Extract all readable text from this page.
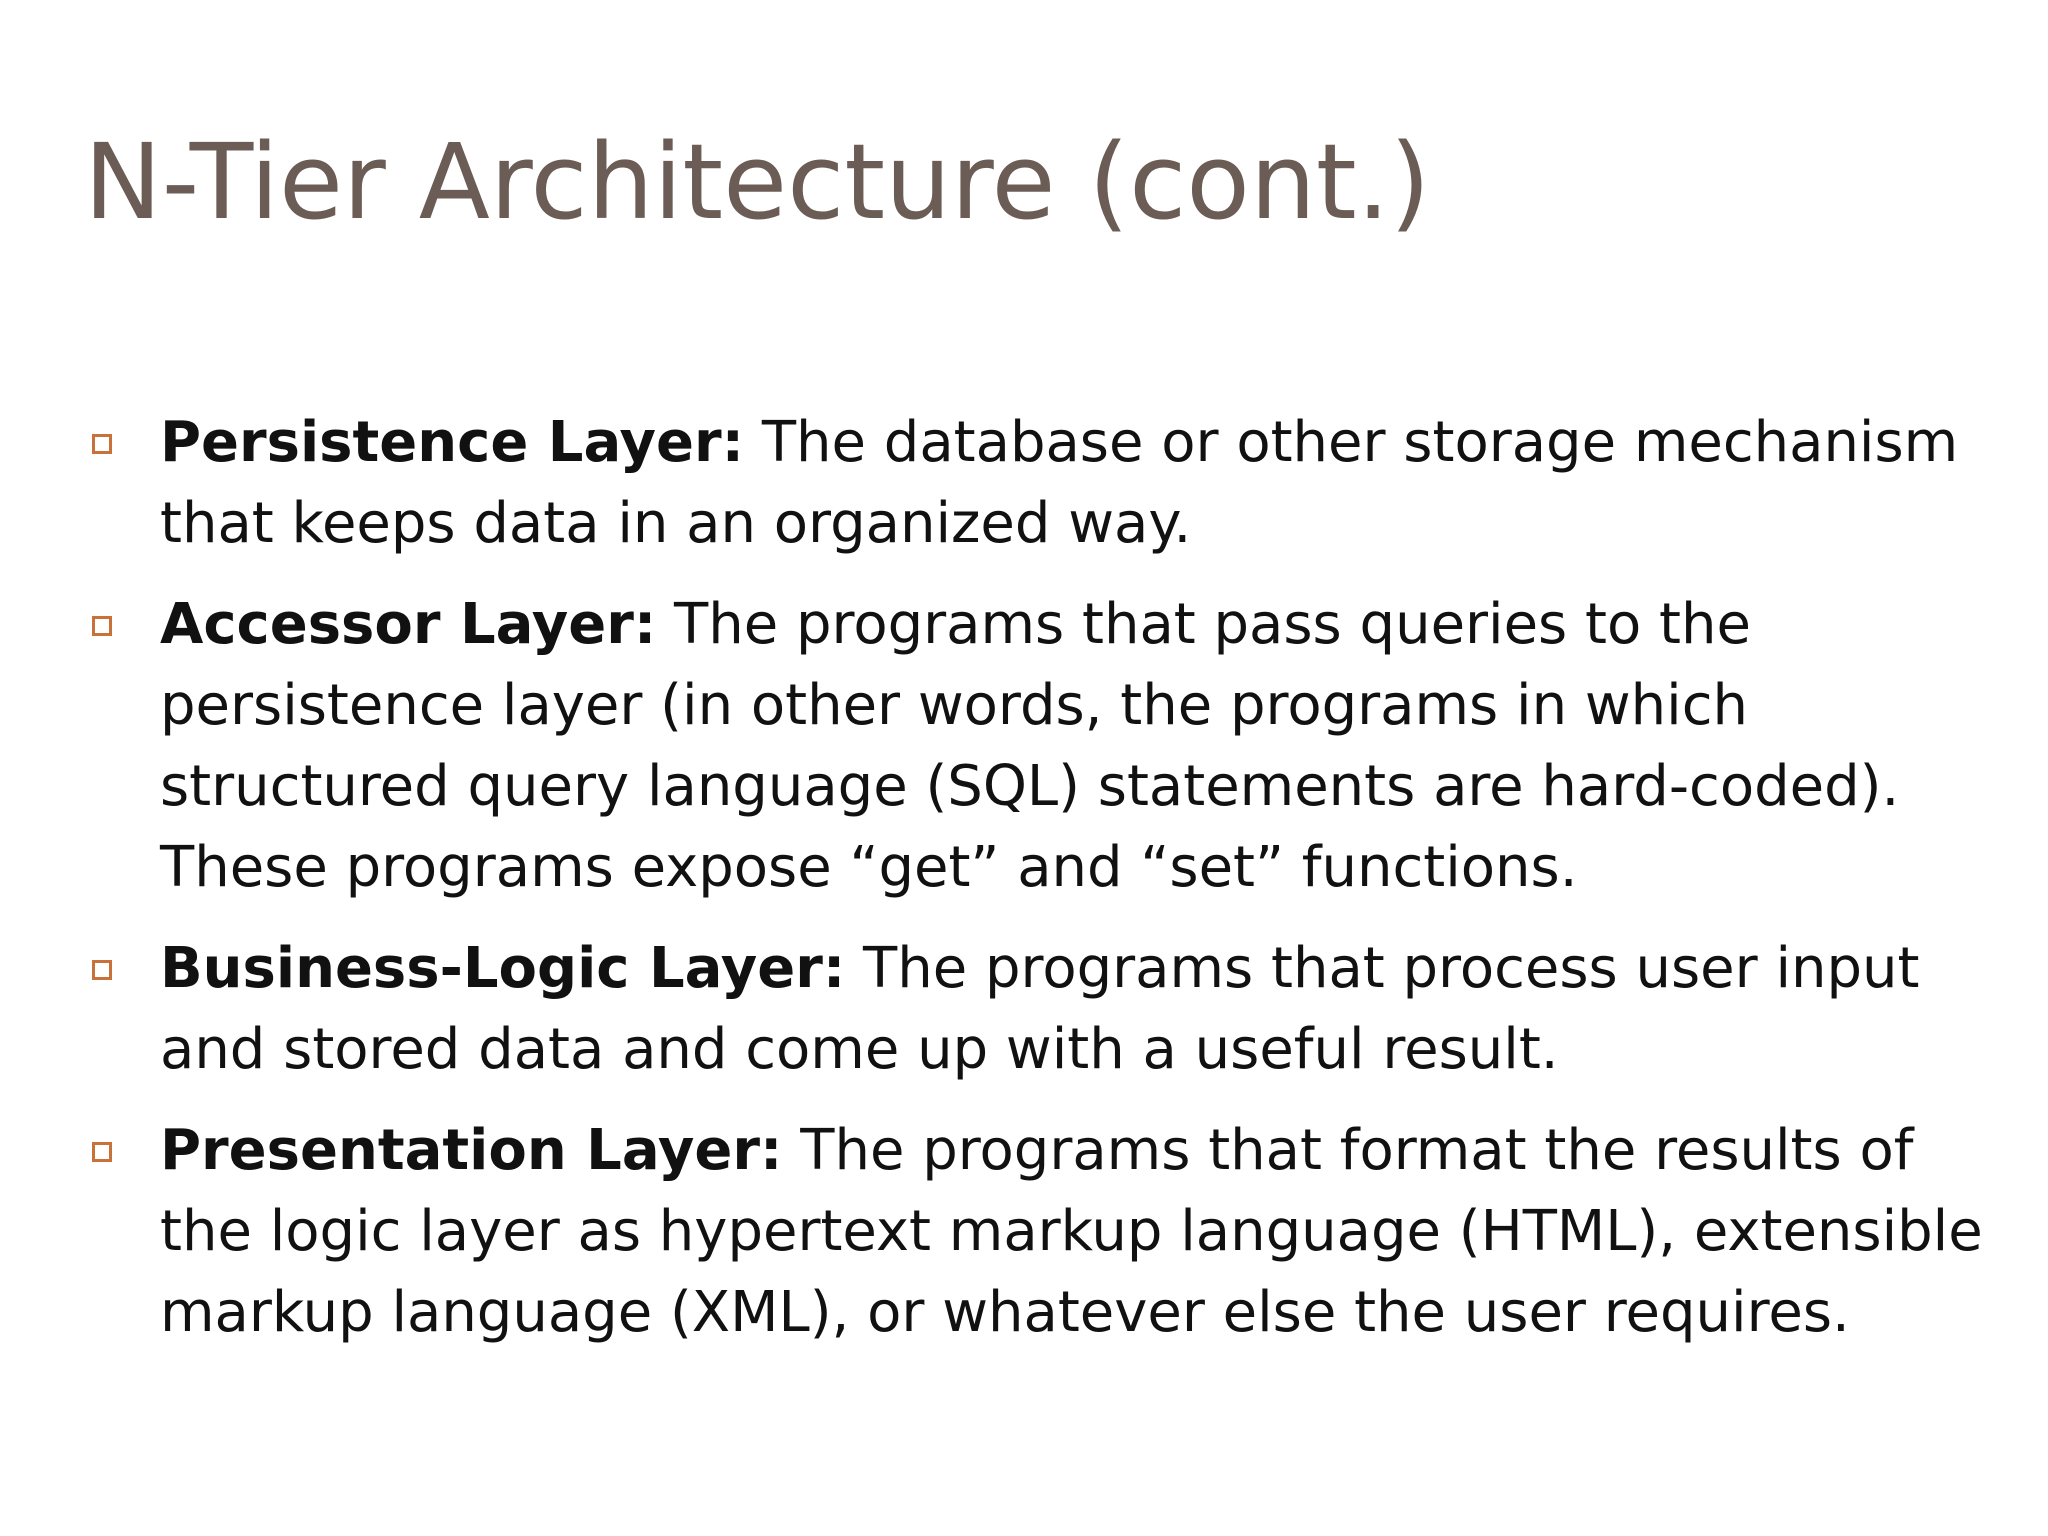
N-Tier Architecture (cont.)
Persistence Layer: The database or other storage mechanism that keeps data in an organized way.
Accessor Layer: The programs that pass queries to the persistence layer (in other words, the programs in which structured query language (SQL) statements are hard-coded). These programs expose “get” and “set” functions.
Business-Logic Layer: The programs that process user input and stored data and come up with a useful result.
Presentation Layer: The programs that format the results of the logic layer as hypertext markup language (HTML), extensible markup language (XML), or whatever else the user requires.
